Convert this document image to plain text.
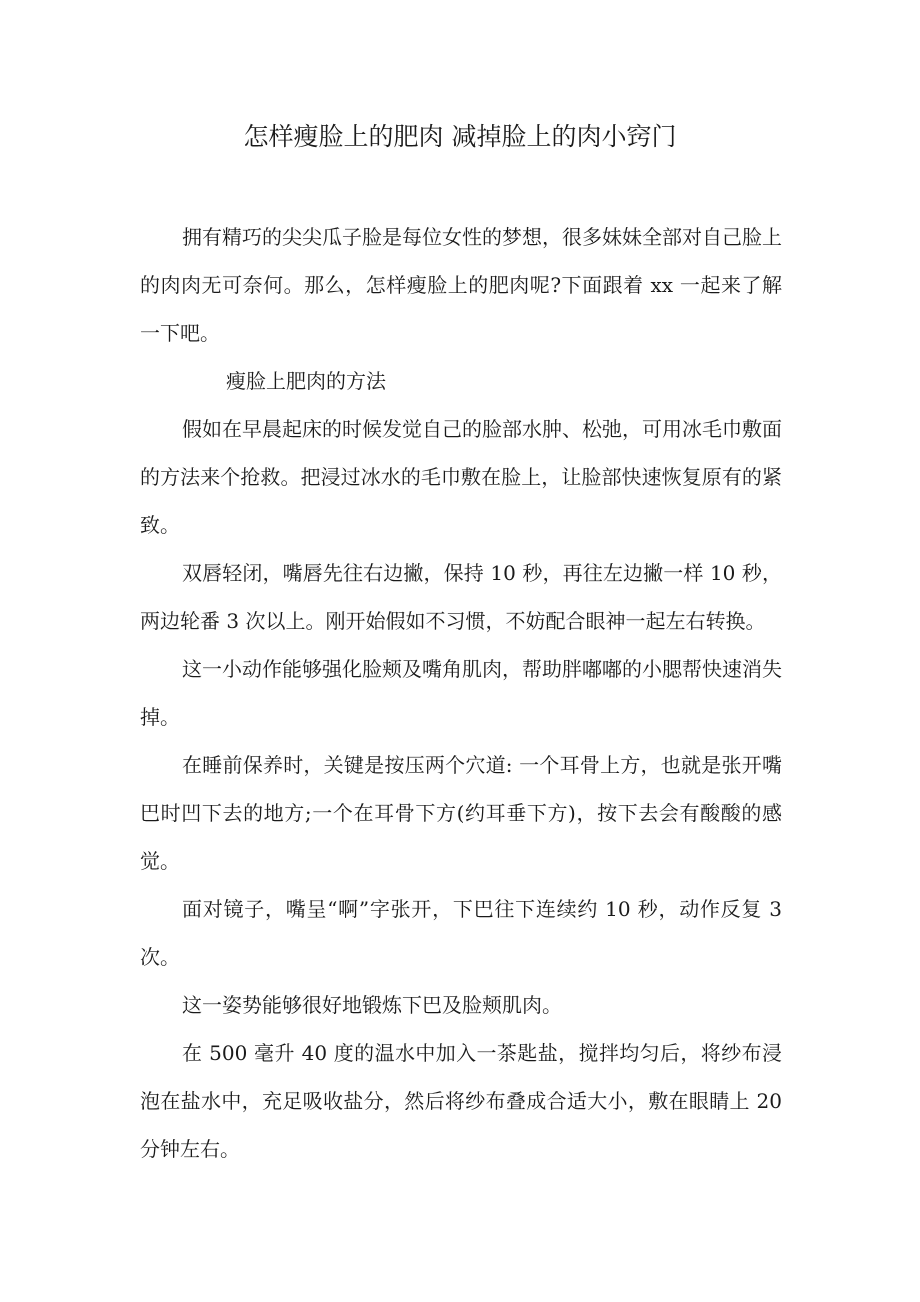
怎样瘦脸上的肥肉 减掉脸上的肉小窍门

拥有精巧的尖尖瓜子脸是每位女性的梦想，很多妹妹全部对自己脸上的肉肉无可奈何。那么，怎样瘦脸上的肥肉呢?下面跟着 xx 一起来了解一下吧。

瘦脸上肥肉的方法

假如在早晨起床的时候发觉自己的脸部水肿、松弛，可用冰毛巾敷面的方法来个抢救。把浸过冰水的毛巾敷在脸上，让脸部快速恢复原有的紧致。

双唇轻闭，嘴唇先往右边撇，保持 10 秒，再往左边撇一样 10 秒，两边轮番 3 次以上。刚开始假如不习惯，不妨配合眼神一起左右转换。

这一小动作能够强化脸颊及嘴角肌肉，帮助胖嘟嘟的小腮帮快速消失掉。

在睡前保养时，关键是按压两个穴道: 一个耳骨上方，也就是张开嘴巴时凹下去的地方;一个在耳骨下方(约耳垂下方)，按下去会有酸酸的感觉。

面对镜子，嘴呈“啊”字张开，下巴往下连续约 10 秒，动作反复 3 次。

这一姿势能够很好地锻炼下巴及脸颊肌肉。

在 500 毫升 40 度的温水中加入一茶匙盐，搅拌均匀后，将纱布浸泡在盐水中，充足吸收盐分，然后将纱布叠成合适大小，敷在眼睛上 20 分钟左右。
